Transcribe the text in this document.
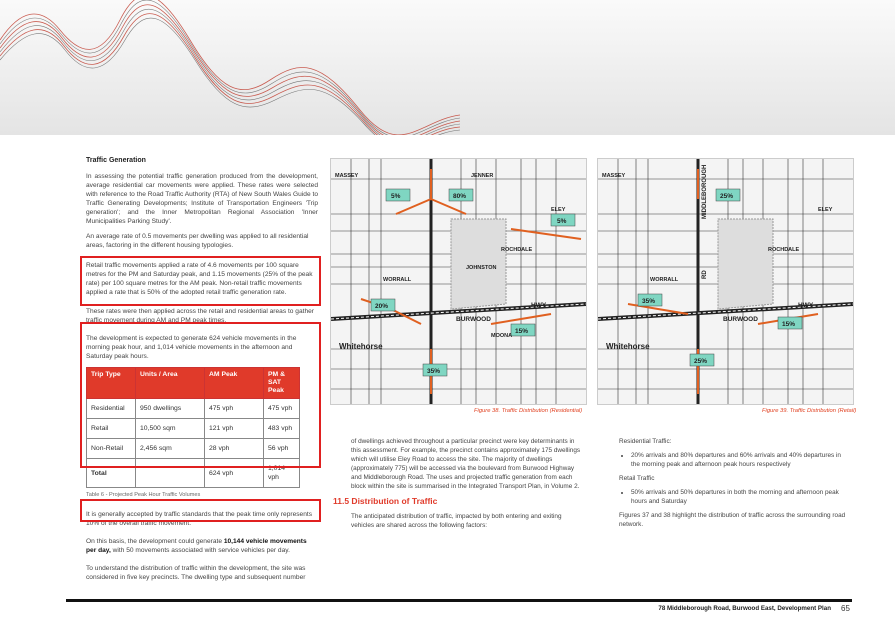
Traffic Generation

In assessing the potential traffic generation produced from the development, average residential car movements were applied. These rates were selected with reference to the Road Traffic Authority (RTA) of New South Wales Guide to Traffic Generating Developments; Institute of Transportation Engineers 'Trip generation'; and the Inner Metropolitan Regional Association 'Inner Municipalities Parking Study'.

An average rate of 0.5 movements per dwelling was applied to all residential areas, factoring in the different housing typologies.

Retail traffic movements applied a rate of 4.6 movements per 100 square metres for the PM and Saturday peak, and 1.15 movements (25% of the peak rate) per 100 square metres for the AM peak. Non-retail traffic movements applied a rate that is 50% of the adopted retail traffic generation rate.

These rates were then applied across the retail and residential areas to gather traffic movement during AM and PM peak times.

The development is expected to generate 624 vehicle movements in the morning peak hour, and 1,014 vehicle movements in the afternoon and Saturday peak hours.

Trip Type	Units / Area	AM Peak	PM & SAT Peak
Residential	950 dwellings	475 vph	475 vph
Retail	10,500 sqm	121 vph	483 vph
Non-Retail	2,456 sqm	28 vph	56 vph
Total		624 vph	1,014 vph
Table 6 - Projected Peak Hour Traffic Volumes

It is generally accepted by traffic standards that the peak time only represents 10% of the overall traffic movement.

On this basis, the development could generate 10,144 vehicle movements per day, with 50 movements associated with service vehicles per day.

To understand the distribution of traffic within the development, the site was considered in five key precincts. The dwelling type and subsequent number

5%	80%
5%
20%
15%
35%
MASSEY	JENNER
ELEY
ROCHDALE
WORRALL
JOHNSTON
BURWOOD
HWY
MOONA
Whitehorse
Figure 38. Traffic Distribution (Residential)
25%
35%
15%
25%
MASSEY
ELEY
ROCHDALE
WORRALL
BURWOOD
HWY
Whitehorse
MIDDLEBOROUGH
RD
Figure 39. Traffic Distribution (Retail)

of dwellings achieved throughout a particular precinct were key determinants in this assessment. For example, the precinct contains approximately 175 dwellings which will utilise Eley Road to access the site. The majority of dwellings (approximately 775) will be accessed via the boulevard from Burwood Highway and Middleborough Road. The uses and projected traffic generation from each block within the site is summarised in the Integrated Transport Plan, in Volume 2.

11.5 Distribution of Traffic

The anticipated distribution of traffic, impacted by both entering and exiting vehicles are shared across the following factors:

Residential Traffic:

• 20% arrivals and 80% departures and 60% arrivals and 40% departures in the morning peak and afternoon peak hours respectively

Retail Traffic

• 50% arrivals and 50% departures in both the morning and afternoon peak hours and Saturday

Figures 37 and 38 highlight the distribution of traffic across the surrounding road network.

78 Middleborough Road, Burwood East, Development Plan 65
